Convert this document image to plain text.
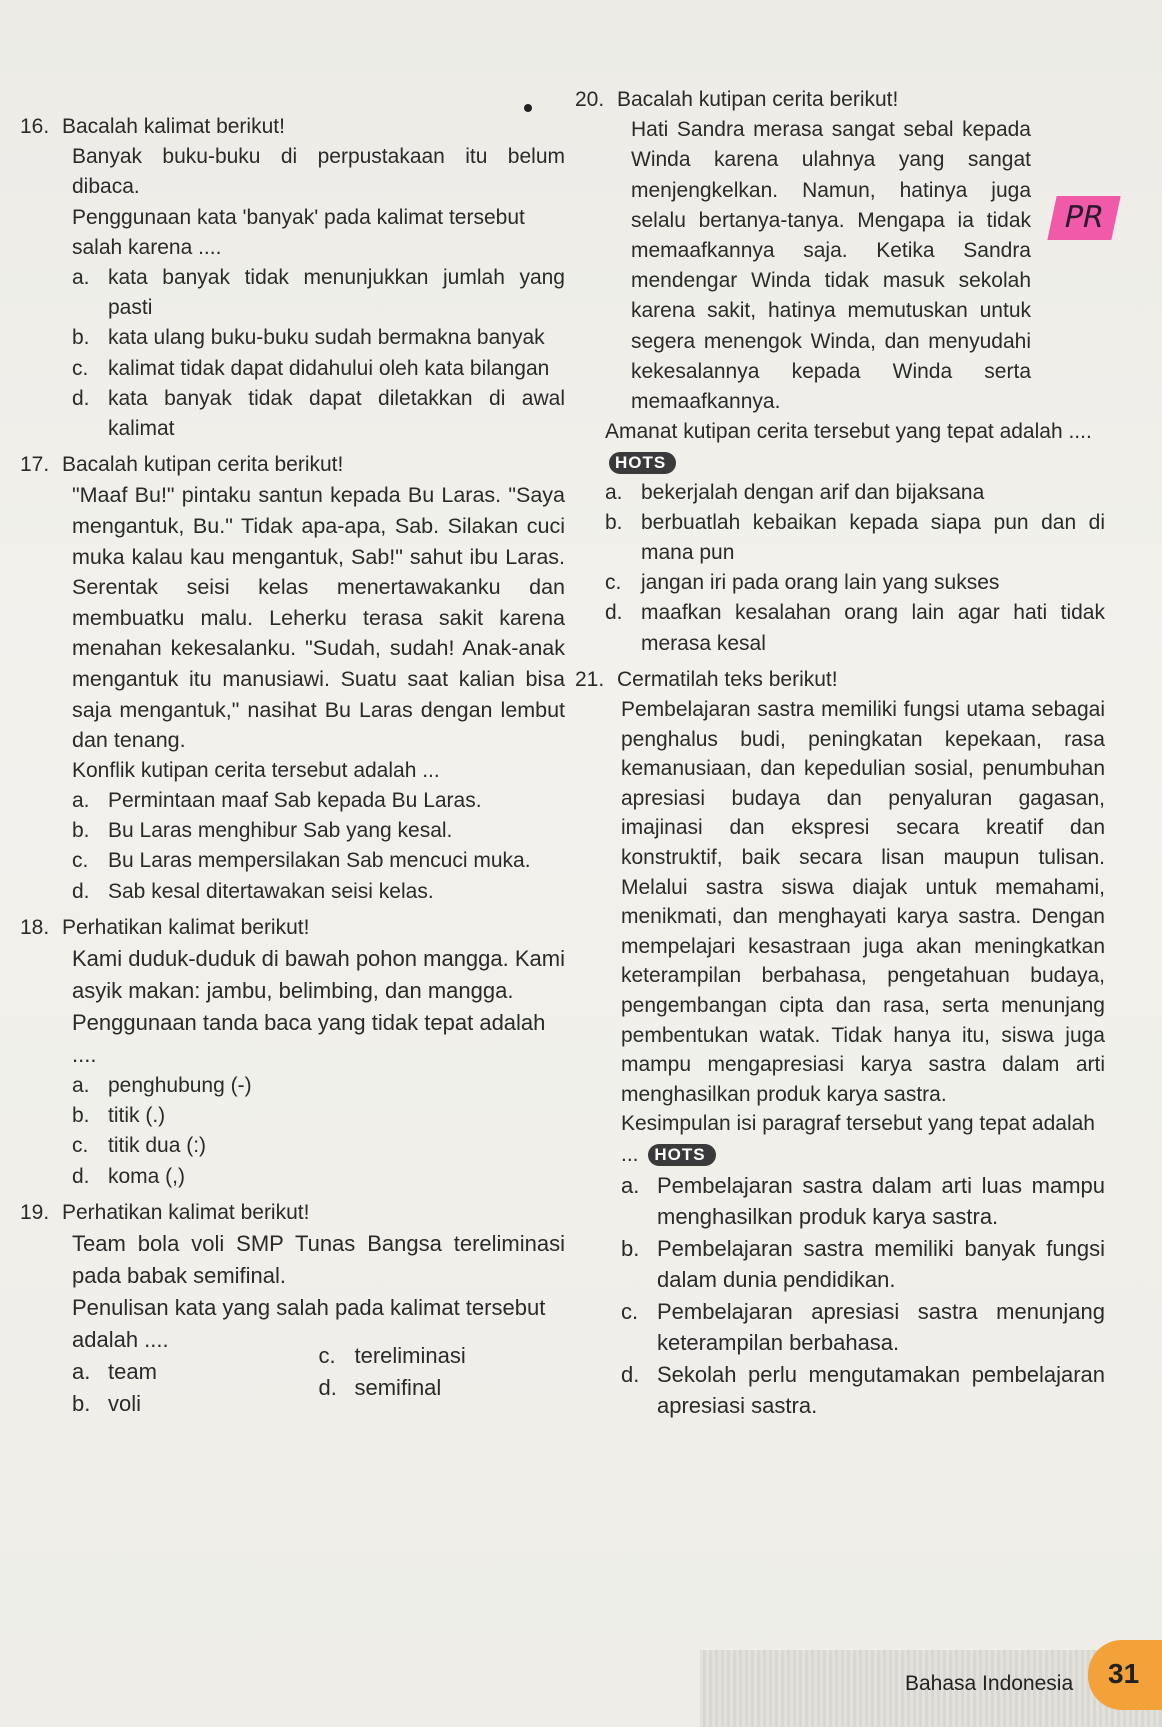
PR
16. Bacalah kalimat berikut!
Banyak buku-buku di perpustakaan itu belum dibaca.
Penggunaan kata 'banyak' pada kalimat tersebut salah karena ....
a. kata banyak tidak menunjukkan jumlah yang pasti
b. kata ulang buku-buku sudah bermakna banyak
c. kalimat tidak dapat didahului oleh kata bilangan
d. kata banyak tidak dapat diletakkan di awal kalimat
17. Bacalah kutipan cerita berikut!
"Maaf Bu!" pintaku santun kepada Bu Laras. "Saya mengantuk, Bu." Tidak apa-apa, Sab. Silakan cuci muka kalau kau mengantuk, Sab!" sahut ibu Laras. Serentak seisi kelas menertawakanku dan membuatku malu. Leherku terasa sakit karena menahan kekesalanku. "Sudah, sudah! Anak-anak mengantuk itu manusiawi. Suatu saat kalian bisa saja mengantuk," nasihat Bu Laras dengan lembut dan tenang.
Konflik kutipan cerita tersebut adalah ...
a. Permintaan maaf Sab kepada Bu Laras.
b. Bu Laras menghibur Sab yang kesal.
c. Bu Laras mempersilakan Sab mencuci muka.
d. Sab kesal ditertawakan seisi kelas.
18. Perhatikan kalimat berikut!
Kami duduk-duduk di bawah pohon mangga. Kami asyik makan: jambu, belimbing, dan mangga.
Penggunaan tanda baca yang tidak tepat adalah ....
a. penghubung (-)
b. titik (.)
c. titik dua (:)
d. koma (,)
19. Perhatikan kalimat berikut!
Team bola voli SMP Tunas Bangsa tereliminasi pada babak semifinal.
Penulisan kata yang salah pada kalimat tersebut adalah ....
a. team
b. voli
c. tereliminasi
d. semifinal
20. Bacalah kutipan cerita berikut!
Hati Sandra merasa sangat sebal kepada Winda karena ulahnya yang sangat menjengkelkan. Namun, hatinya juga selalu bertanya-tanya. Mengapa ia tidak memaafkannya saja. Ketika Sandra mendengar Winda tidak masuk sekolah karena sakit, hatinya memutuskan untuk segera menengok Winda, dan menyudahi kekesalannya kepada Winda serta memaafkannya.
Amanat kutipan cerita tersebut yang tepat adalah .... HOTS
a. bekerjalah dengan arif dan bijaksana
b. berbuatlah kebaikan kepada siapa pun dan di mana pun
c. jangan iri pada orang lain yang sukses
d. maafkan kesalahan orang lain agar hati tidak merasa kesal
21. Cermatilah teks berikut!
Pembelajaran sastra memiliki fungsi utama sebagai penghalus budi, peningkatan kepekaan, rasa kemanusiaan, dan kepedulian sosial, penumbuhan apresiasi budaya dan penyaluran gagasan, imajinasi dan ekspresi secara kreatif dan konstruktif, baik secara lisan maupun tulisan. Melalui sastra siswa diajak untuk memahami, menikmati, dan menghayati karya sastra. Dengan mempelajari kesastraan juga akan meningkatkan keterampilan berbahasa, pengetahuan budaya, pengembangan cipta dan rasa, serta menunjang pembentukan watak. Tidak hanya itu, siswa juga mampu mengapresiasi karya sastra dalam arti menghasilkan produk karya sastra.
Kesimpulan isi paragraf tersebut yang tepat adalah ... HOTS
a. Pembelajaran sastra dalam arti luas mampu menghasilkan produk karya sastra.
b. Pembelajaran sastra memiliki banyak fungsi dalam dunia pendidikan.
c. Pembelajaran apresiasi sastra menunjang keterampilan berbahasa.
d. Sekolah perlu mengutamakan pembelajaran apresiasi sastra.
Bahasa Indonesia 31
